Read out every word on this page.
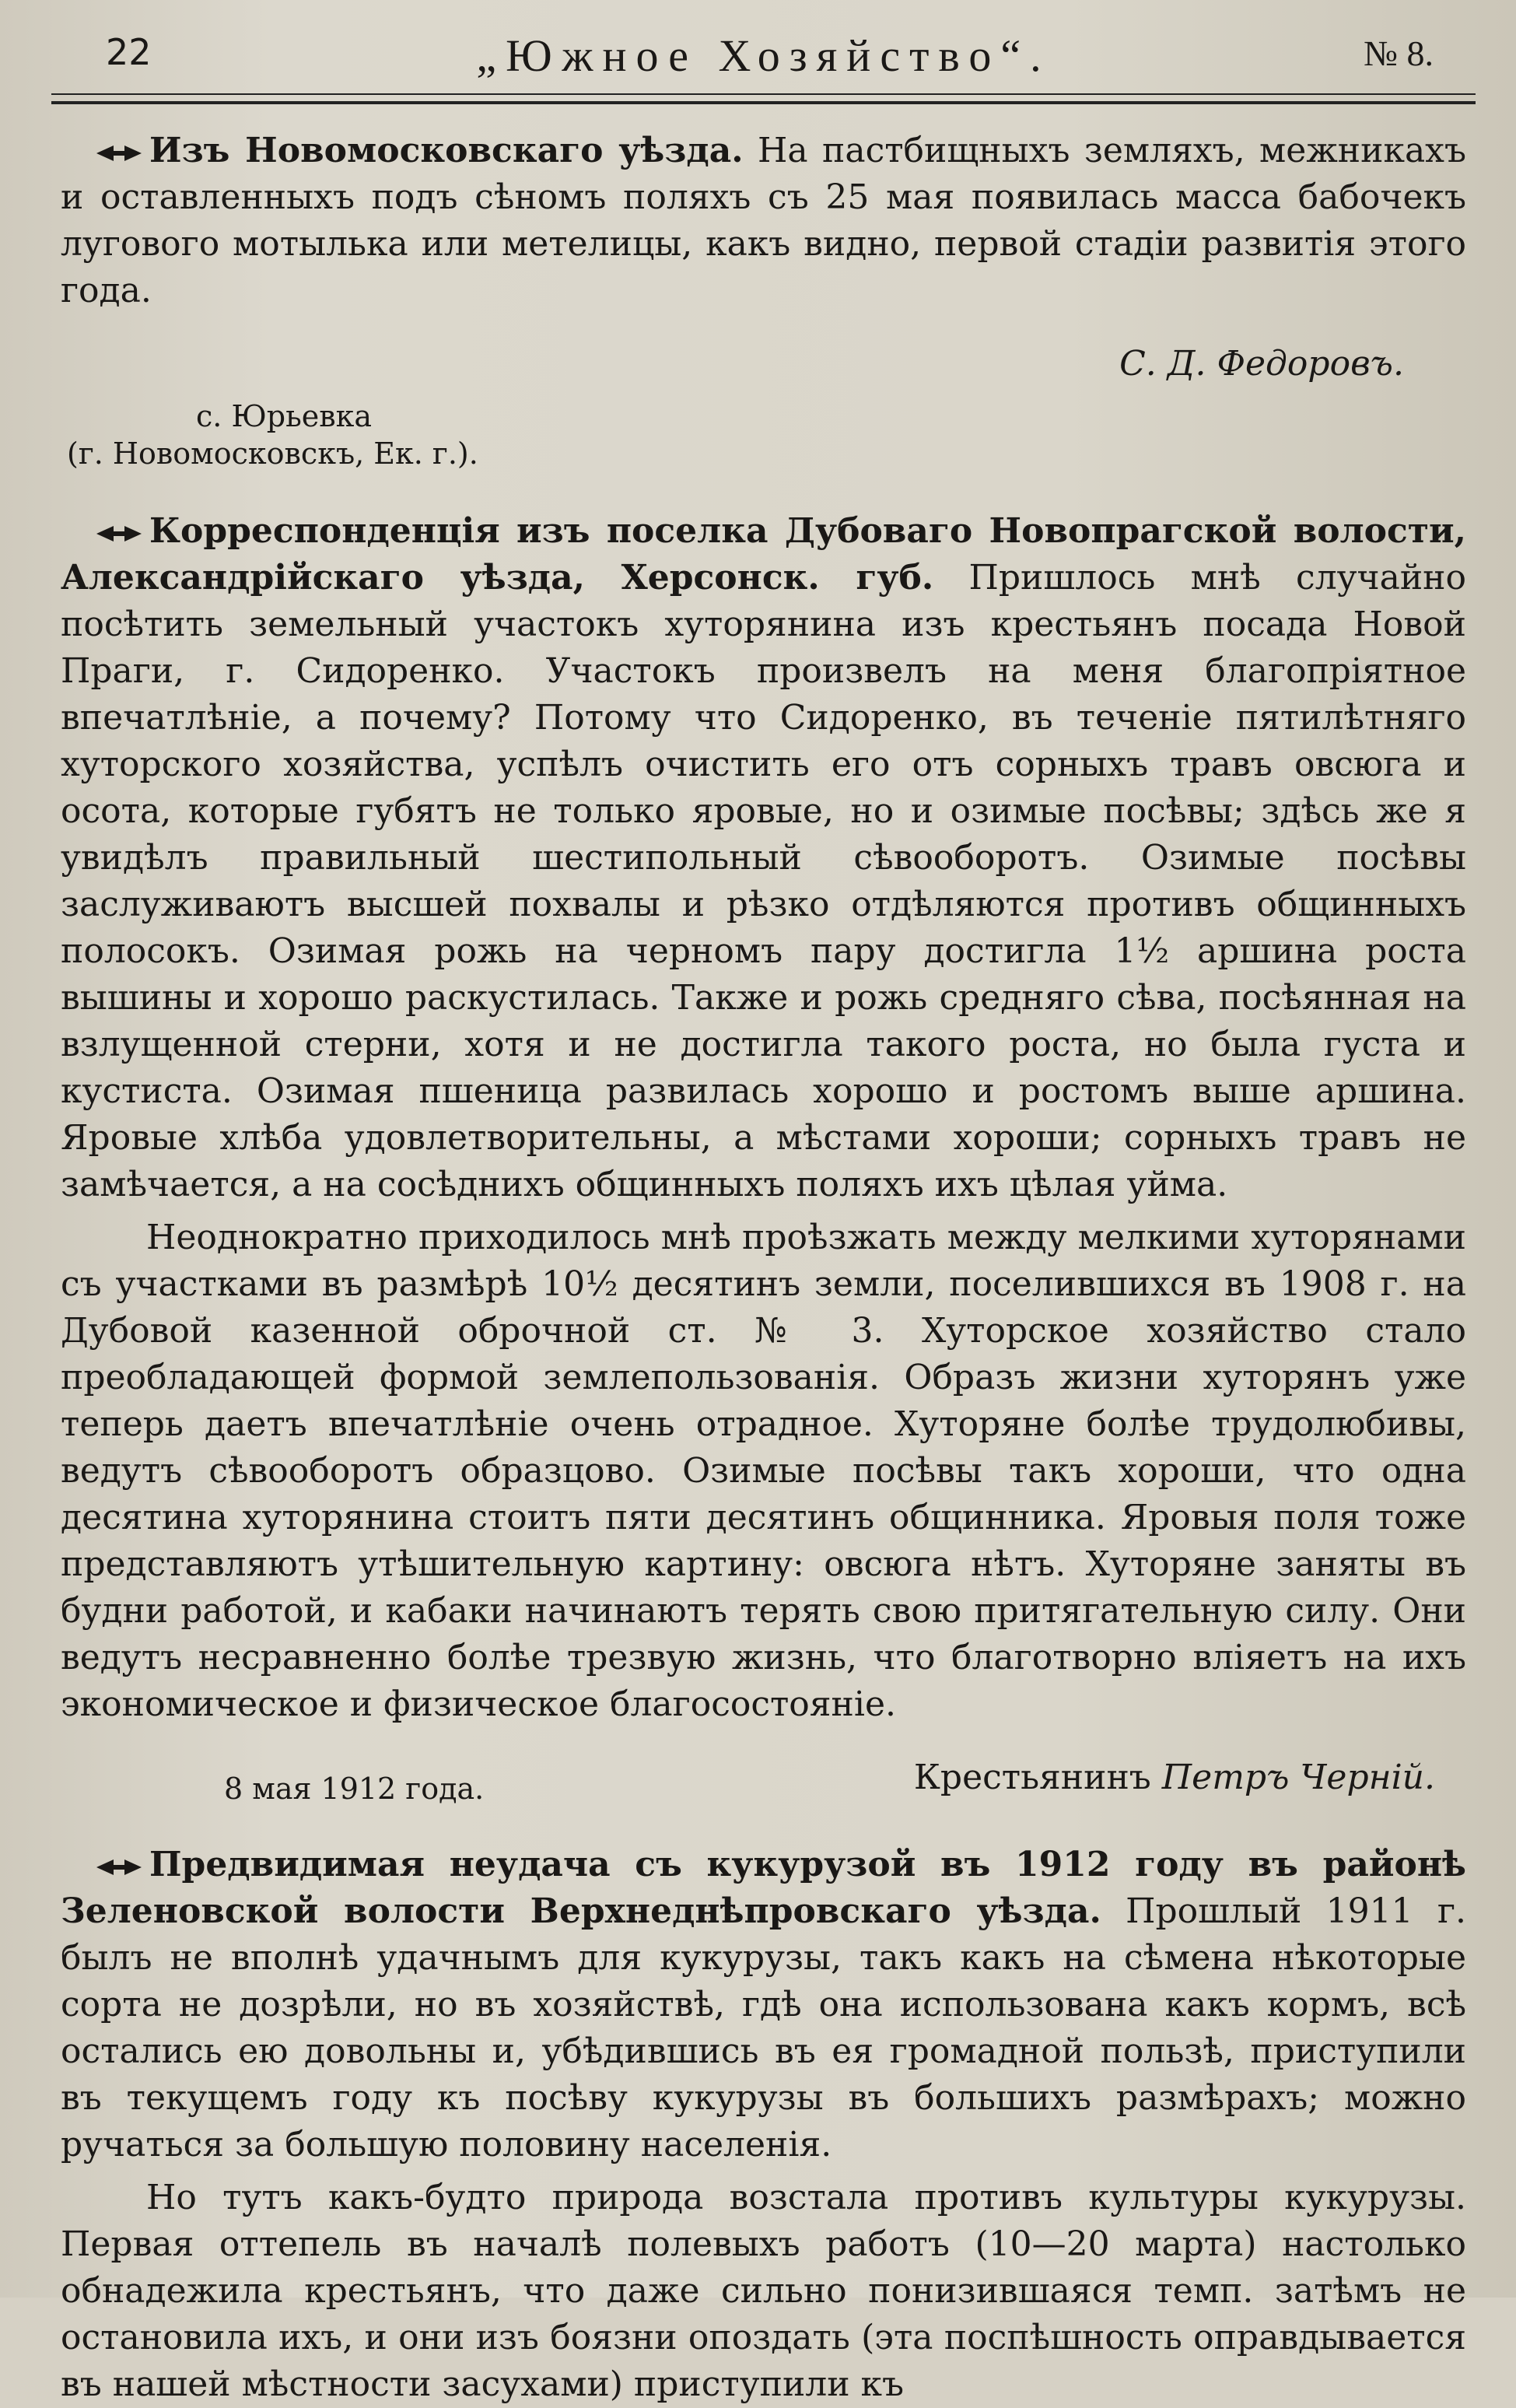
22	„Южное Хозяйство“.	№ 8.

Изъ Новомосковскаго уѣзда. На пастбищныхъ земляхъ, межникахъ и оставленныхъ подъ сѣномъ поляхъ съ 25 мая появилась масса бабочекъ лугового мотылька или метелицы, какъ видно, первой стадіи развитія этого года.

С. Д. Федоровъ.
с. Юрьевка
(г. Новомосковскъ, Ек. г.).

Корреспонденція изъ поселка Дубоваго Новопрагской волости, Александрійскаго уѣзда, Херсонск. губ. Пришлось мнѣ случайно посѣтить земельный участокъ хуторянина изъ крестьянъ посада Новой Праги, г. Сидоренко. Участокъ произвелъ на меня благопріятное впечатлѣніе, а почему? Потому что Сидоренко, въ теченіе пятилѣтняго хуторского хозяйства, успѣлъ очистить его отъ сорныхъ травъ овсюга и осота, которые губятъ не только яровые, но и озимые посѣвы; здѣсь же я увидѣлъ правильный шестипольный сѣвооборотъ. Озимые посѣвы заслуживаютъ высшей похвалы и рѣзко отдѣляются противъ общинныхъ полосокъ. Озимая рожь на черномъ пару достигла 1½ аршина роста вышины и хорошо раскустилась. Также и рожь средняго сѣва, посѣянная на взлущенной стерни, хотя и не достигла такого роста, но была густа и кустиста. Озимая пшеница развилась хорошо и ростомъ выше аршина. Яровые хлѣба удовлетворительны, а мѣстами хороши; сорныхъ травъ не замѣчается, а на сосѣднихъ общинныхъ поляхъ ихъ цѣлая уйма.

Неоднократно приходилось мнѣ проѣзжать между мелкими хуторянами съ участками въ размѣрѣ 10½ десятинъ земли, поселившихся въ 1908 г. на Дубовой казенной оброчной ст. № 3. Хуторское хозяйство стало преобладающей формой землепользованія. Образъ жизни хуторянъ уже теперь даетъ впечатлѣніе очень отрадное. Хуторяне болѣе трудолюбивы, ведутъ сѣвооборотъ образцово. Озимые посѣвы такъ хороши, что одна десятина хуторянина стоитъ пяти десятинъ общинника. Яровыя поля тоже представляютъ утѣшительную картину: овсюга нѣтъ. Хуторяне заняты въ будни работой, и кабаки начинаютъ терять свою притягательную силу. Они ведутъ несравненно болѣе трезвую жизнь, что благотворно вліяетъ на ихъ экономическое и физическое благосостояніе.

8 мая 1912 года.	Крестьянинъ Петръ Черній.

Предвидимая неудача съ кукурузой въ 1912 году въ районѣ Зеленовской волости Верхнеднѣпровскаго уѣзда. Прошлый 1911 г. былъ не вполнѣ удачнымъ для кукурузы, такъ какъ на сѣмена нѣкоторые сорта не дозрѣли, но въ хозяйствѣ, гдѣ она использована какъ кормъ, всѣ остались ею довольны и, убѣдившись въ ея громадной пользѣ, приступили въ текущемъ году къ посѣву кукурузы въ большихъ размѣрахъ; можно ручаться за большую половину населенія.

Но тутъ какъ-будто природа возстала противъ культуры кукурузы. Первая оттепель въ началѣ полевыхъ работъ (10—20 марта) настолько обнадежила крестьянъ, что даже сильно понизившаяся темп. затѣмъ не остановила ихъ, и они изъ боязни опоздать (эта поспѣшность оправдывается въ нашей мѣстности засухами) приступили къ
